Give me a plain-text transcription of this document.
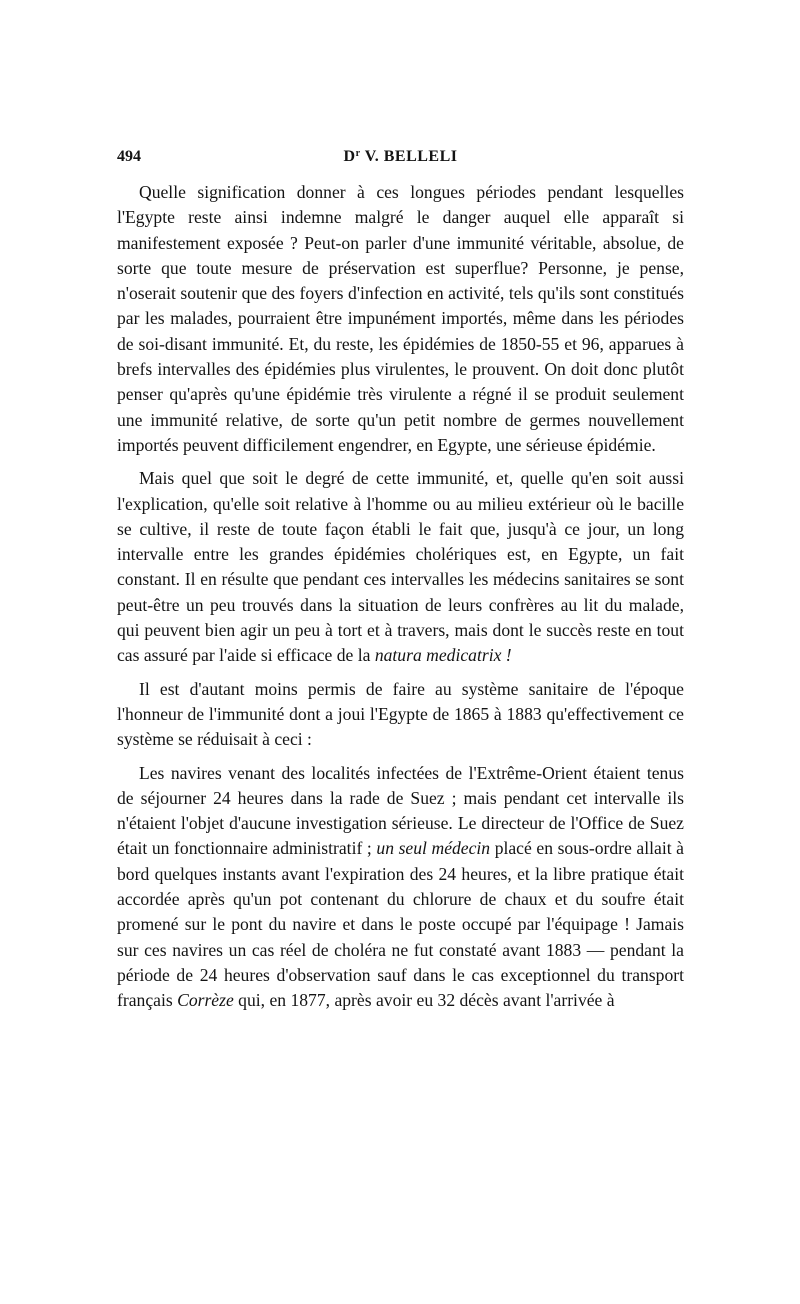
494	$D^r$ V. BELLELI

Quelle signification donner à ces longues périodes pendant lesquelles l'Egypte reste ainsi indemne malgré le danger auquel elle apparaît si manifestement exposée ? Peut-on parler d'une immunité véritable, absolue, de sorte que toute mesure de préservation est superflue? Personne, je pense, n'oserait soutenir que des foyers d'infection en activité, tels qu'ils sont constitués par les malades, pourraient être impunément importés, même dans les périodes de soi-disant immunité. Et, du reste, les épidémies de 1850-55 et 96, apparues à brefs intervalles des épidémies plus virulentes, le prouvent. On doit donc plutôt penser qu'après qu'une épidémie très virulente a régné il se produit seulement une immunité relative, de sorte qu'un petit nombre de germes nouvellement importés peuvent difficilement engendrer, en Egypte, une sérieuse épidémie.

Mais quel que soit le degré de cette immunité, et, quelle qu'en soit aussi l'explication, qu'elle soit relative à l'homme ou au milieu extérieur où le bacille se cultive, il reste de toute façon établi le fait que, jusqu'à ce jour, un long intervalle entre les grandes épidémies cholériques est, en Egypte, un fait constant. Il en résulte que pendant ces intervalles les médecins sanitaires se sont peut-être un peu trouvés dans la situation de leurs confrères au lit du malade, qui peuvent bien agir un peu à tort et à travers, mais dont le succès reste en tout cas assuré par l'aide si efficace de la natura medicatrix !

Il est d'autant moins permis de faire au système sanitaire de l'époque l'honneur de l'immunité dont a joui l'Egypte de 1865 à 1883 qu'effectivement ce système se réduisait à ceci :

Les navires venant des localités infectées de l'Extrême-Orient étaient tenus de séjourner 24 heures dans la rade de Suez ; mais pendant cet intervalle ils n'étaient l'objet d'aucune investigation sérieuse. Le directeur de l'Office de Suez était un fonctionnaire administratif ; un seul médecin placé en sous-ordre allait à bord quelques instants avant l'expiration des 24 heures, et la libre pratique était accordée après qu'un pot contenant du chlorure de chaux et du soufre était promené sur le pont du navire et dans le poste occupé par l'équipage ! Jamais sur ces navires un cas réel de choléra ne fut constaté avant 1883 — pendant la période de 24 heures d'observation sauf dans le cas exceptionnel du transport français Corrèze qui, en 1877, après avoir eu 32 décès avant l'arrivée à
